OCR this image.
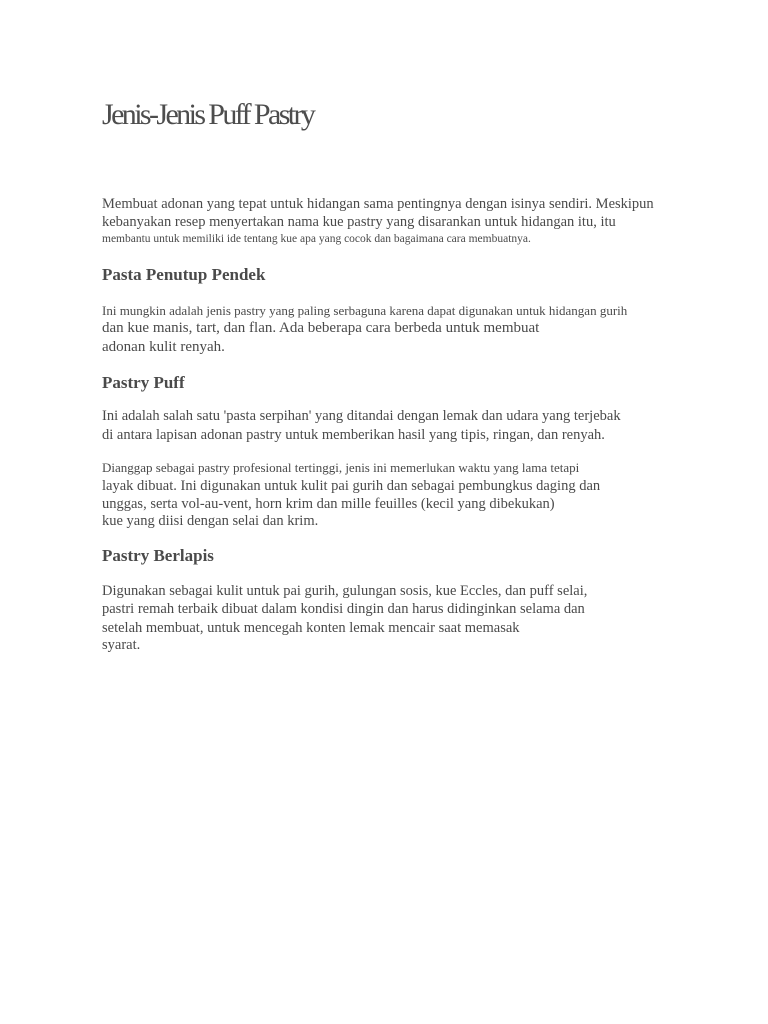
Jenis-Jenis Puff Pastry

Membuat adonan yang tepat untuk hidangan sama pentingnya dengan isinya sendiri. Meskipun

kebanyakan resep menyertakan nama kue pastry yang disarankan untuk hidangan itu, itu

membantu untuk memiliki ide tentang kue apa yang cocok dan bagaimana cara membuatnya.

Pasta Penutup Pendek

Ini mungkin adalah jenis pastry yang paling serbaguna karena dapat digunakan untuk hidangan gurih

dan kue manis, tart, dan flan. Ada beberapa cara berbeda untuk membuat

adonan kulit renyah.

Pastry Puff

Ini adalah salah satu 'pasta serpihan' yang ditandai dengan lemak dan udara yang terjebak

di antara lapisan adonan pastry untuk memberikan hasil yang tipis, ringan, dan renyah.

Dianggap sebagai pastry profesional tertinggi, jenis ini memerlukan waktu yang lama tetapi

layak dibuat. Ini digunakan untuk kulit pai gurih dan sebagai pembungkus daging dan

unggas, serta vol-au-vent, horn krim dan mille feuilles (kecil yang dibekukan)

kue yang diisi dengan selai dan krim.

Pastry Berlapis

Digunakan sebagai kulit untuk pai gurih, gulungan sosis, kue Eccles, dan puff selai,

pastri remah terbaik dibuat dalam kondisi dingin dan harus didinginkan selama dan

setelah membuat, untuk mencegah konten lemak mencair saat memasak

syarat.
